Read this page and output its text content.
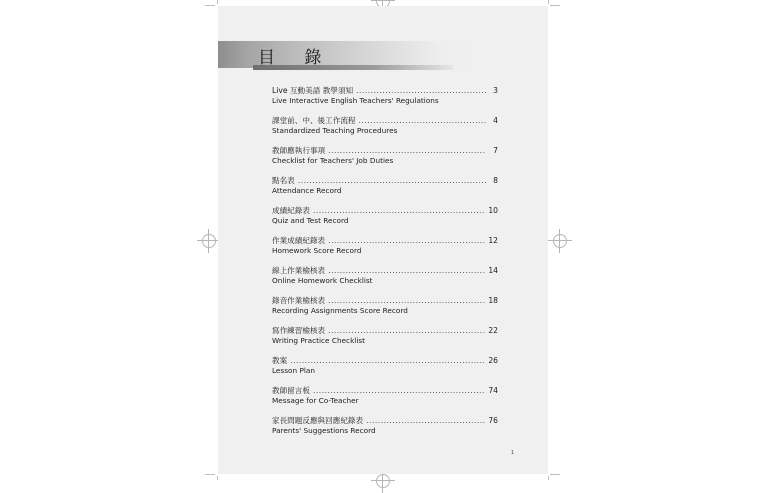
目 錄
Live 互動美語 教學須知 .....	3
Live Interactive English Teachers' Regulations
課堂前、中、後工作流程 .....	4
Standardized Teaching Procedures
教師應執行事項 .....	7
Checklist for Teachers' Job Duties
點名表 .....	8
Attendance Record
成績紀錄表 .....	10
Quiz and Test Record
作業成績紀錄表 .....	12
Homework Score Record
線上作業檢核表 .....	14
Online Homework Checklist
錄音作業檢核表 .....	18
Recording Assignments Score Record
寫作練習檢核表 .....	22
Writing Practice Checklist
教案 .....	26
Lesson Plan
教師留言板 .....	74
Message for Co-Teacher
家長問題反應與回應紀錄表 .....	76
Parents' Suggestions Record
1
